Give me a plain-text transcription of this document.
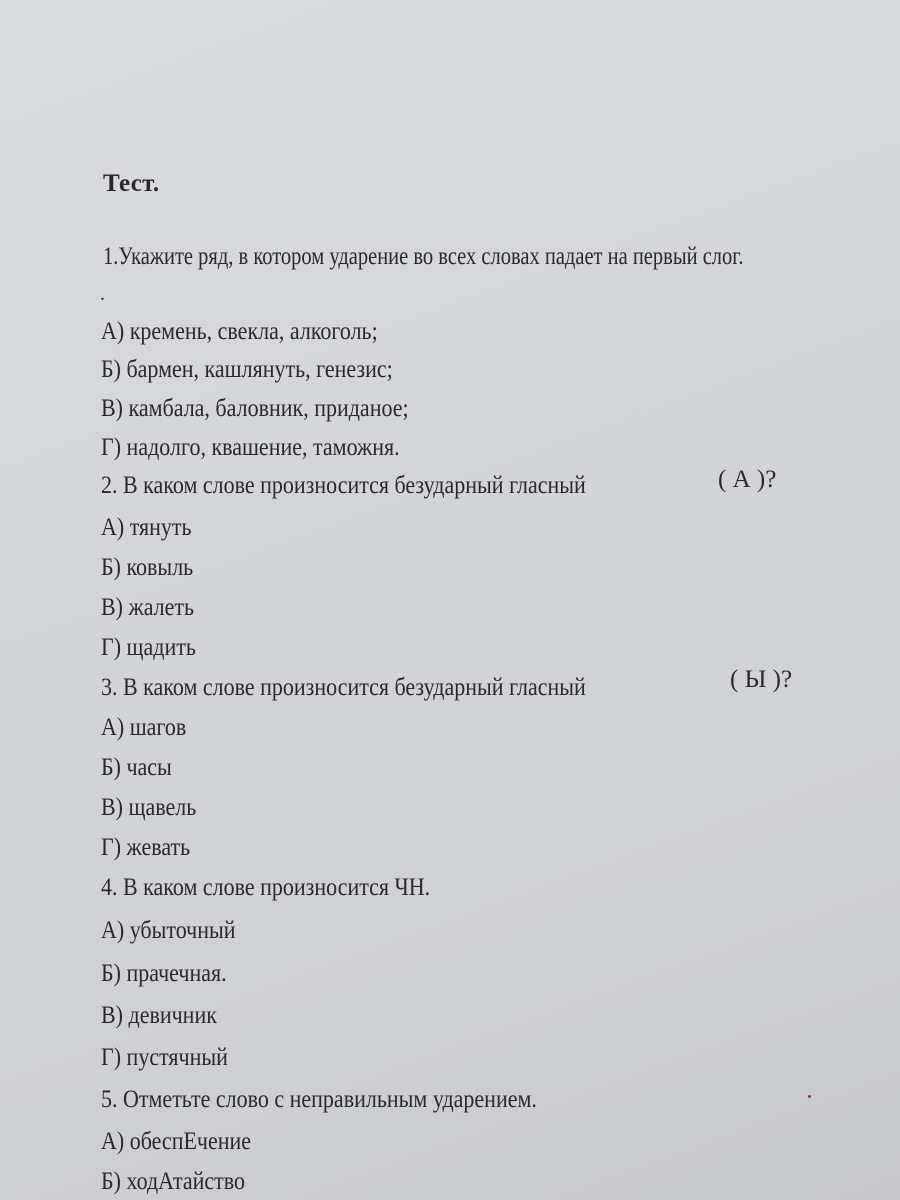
Тест.
1.Укажите ряд, в котором ударение во всех словах падает на первый слог.
.
А) кремень, свекла, алкоголь;
Б) бармен, кашлянуть, генезис;
В) камбала, баловник, приданое;
Г) надолго, квашение, таможня.
2. В каком слове произносится безударный гласный	( А )?
А) тянуть
Б) ковыль
В) жалеть
Г) щадить
3. В каком слове произносится безударный гласный	( Ы )?
А) шагов
Б) часы
В) щавель
Г) жевать
4. В каком слове произносится ЧН.
А) убыточный
Б) прачечная.
В) девичник
Г) пустячный
5. Отметьте слово с неправильным ударением.
А) обеспЕчение
Б) ходАтайство
